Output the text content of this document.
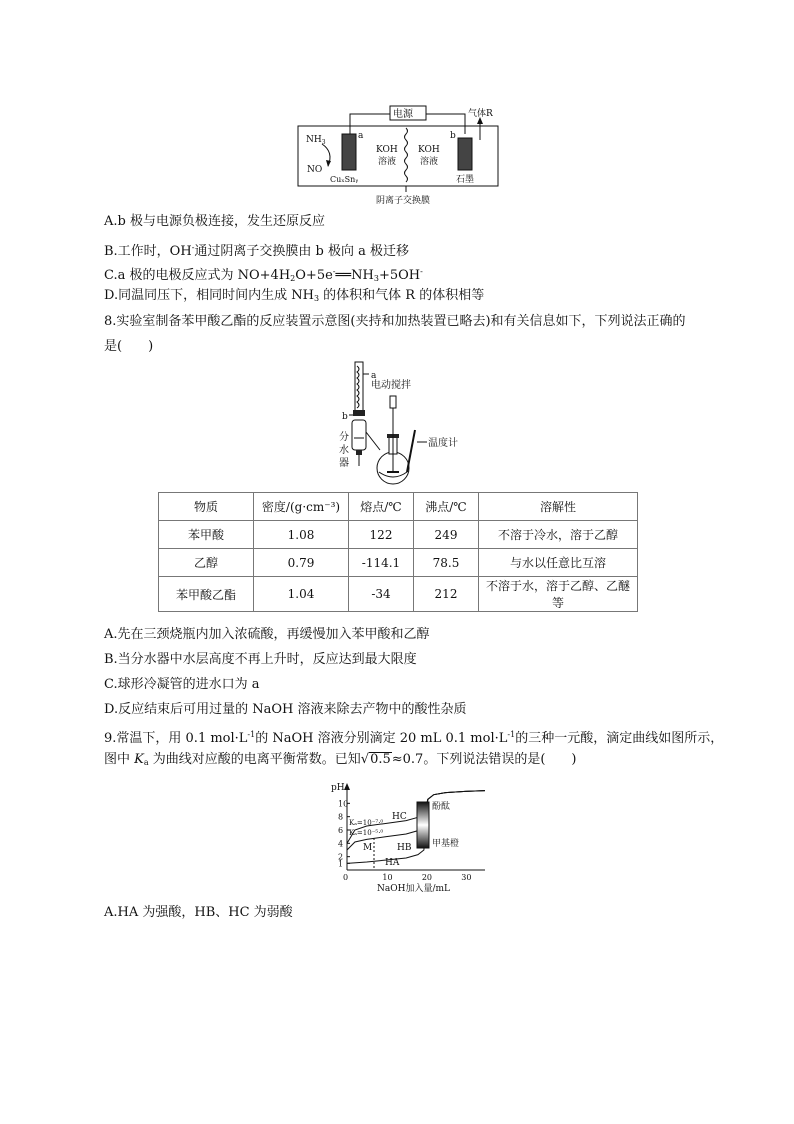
电源	气体R
$NH_3$
NO
a	b
KOH
溶液
KOH
溶液
CuₓSnᵧ	石墨
阴离子交换膜
A.b 极与电源负极连接，发生还原反应
B.工作时，OH-通过阴离子交换膜由 b 极向 a 极迁移
C.a 极的电极反应式为 $NO+4H_2O+5e^-══NH_3+5OH^-$
D.同温同压下，相同时间内生成 $NH_3$ 的体积和气体 R 的体积相等
8.实验室制备苯甲酸乙酯的反应装置示意图(夹持和加热装置已略去)和有关信息如下，下列说法正确的
是(　　)
a
b
分
水
器
电动搅拌
温度计
物质	密度/(g·cm⁻³)	熔点/℃	沸点/℃	溶解性
苯甲酸	1.08	122	249	不溶于冷水，溶于乙醇
乙醇	0.79	-114.1	78.5	与水以任意比互溶
苯甲酸乙酯	1.04	-34	212	不溶于水，溶于乙醇、乙醚等
A.先在三颈烧瓶内加入浓硫酸，再缓慢加入苯甲酸和乙醇
B.当分水器中水层高度不再上升时，反应达到最大限度
C.球形冷凝管的进水口为 a
D.反应结束后可用过量的 NaOH 溶液来除去产物中的酸性杂质
9.常温下，用 0.1 $mol\cdot L^{-1}$的 NaOH 溶液分别滴定 20 mL 0.1 $mol\cdot L^{-1}$的三种一元酸，滴定曲线如图所示，
图中 $K_a$ 为曲线对应酸的电离平衡常数。已知√0.5≈0.7。下列说法错误的是(　　)
pH
NaOH加入量/mL
1
2
4
6
8
10
0	10	20	30
Kₐ=10⁻⁷·⁰
Kₐ=10⁻⁵·⁰
HC
HB
HA
M
酚酞
甲基橙
A.HA 为强酸，HB、HC 为弱酸
